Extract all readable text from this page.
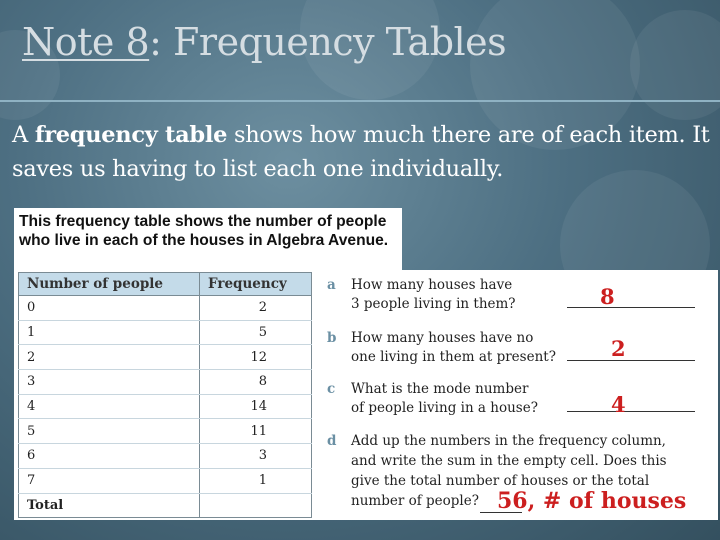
Note 8: Frequency Tables

A frequency table shows how much there are of each item. It saves us having to list each one individually.

This frequency table shows the number of people who live in each of the houses in Algebra Avenue.

Number of people	Frequency
0	2
1	5
2	12
3	8
4	14
5	11
6	3
7	1
Total	
a How many houses have
3 people living in them?
b How many houses have no
one living in them at present?
c What is the mode number
of people living in a house?
d Add up the numbers in the frequency column,
and write the sum in the empty cell. Does this
give the total number of houses or the total
number of people?
8
2
4
56, # of houses
